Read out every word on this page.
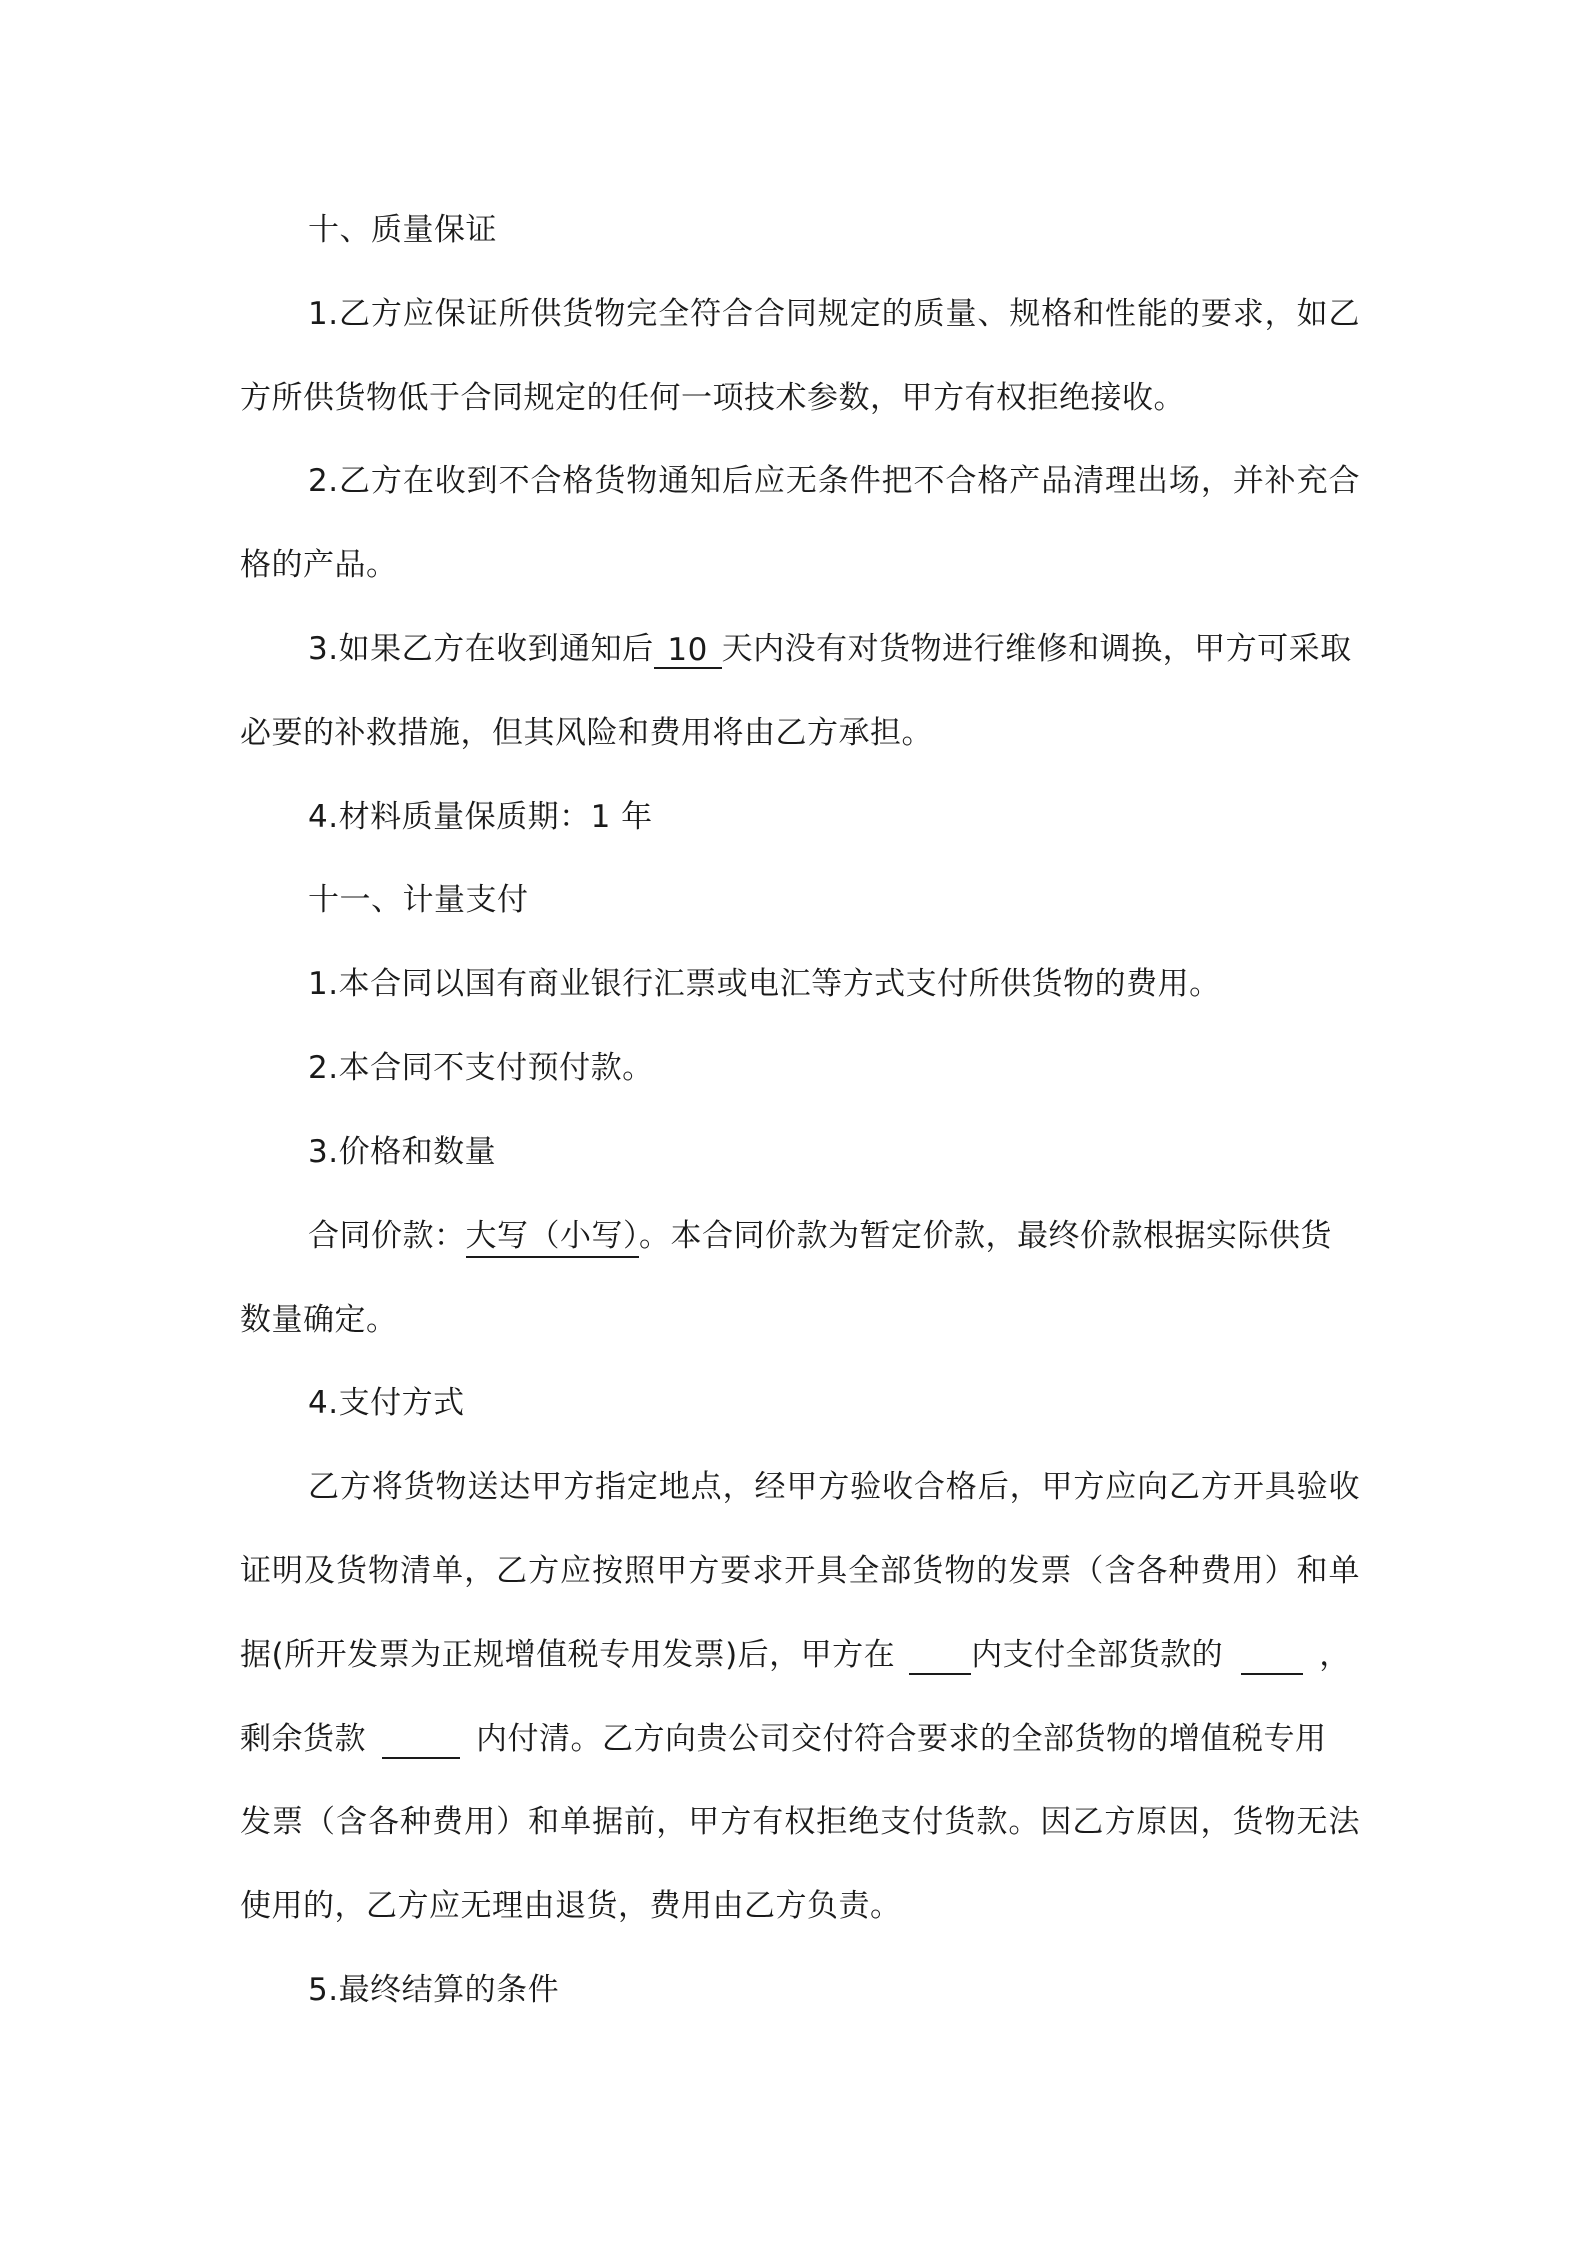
十、质量保证
1.乙方应保证所供货物完全符合合同规定的质量、规格和性能的要求，如乙
方所供货物低于合同规定的任何一项技术参数，甲方有权拒绝接收。
2.乙方在收到不合格货物通知后应无条件把不合格产品清理出场，并补充合
格的产品。
3.如果乙方在收到通知后 10 天内没有对货物进行维修和调换，甲方可采取
必要的补救措施，但其风险和费用将由乙方承担。
4.材料质量保质期：1 年
十一、计量支付
1.本合同以国有商业银行汇票或电汇等方式支付所供货物的费用。
2.本合同不支付预付款。
3.价格和数量
合同价款：大写（小写）。本合同价款为暂定价款，最终价款根据实际供货
数量确定。
4.支付方式
乙方将货物送达甲方指定地点，经甲方验收合格后，甲方应向乙方开具验收
证明及货物清单，乙方应按照甲方要求开具全部货物的发票（含各种费用）和单
据(所开发票为正规增值税专用发票)后，甲方在 内支付全部货款的	，
剩余货款	内付清。乙方向贵公司交付符合要求的全部货物的增值税专用
发票（含各种费用）和单据前，甲方有权拒绝支付货款。因乙方原因，货物无法
使用的，乙方应无理由退货，费用由乙方负责。
5.最终结算的条件
